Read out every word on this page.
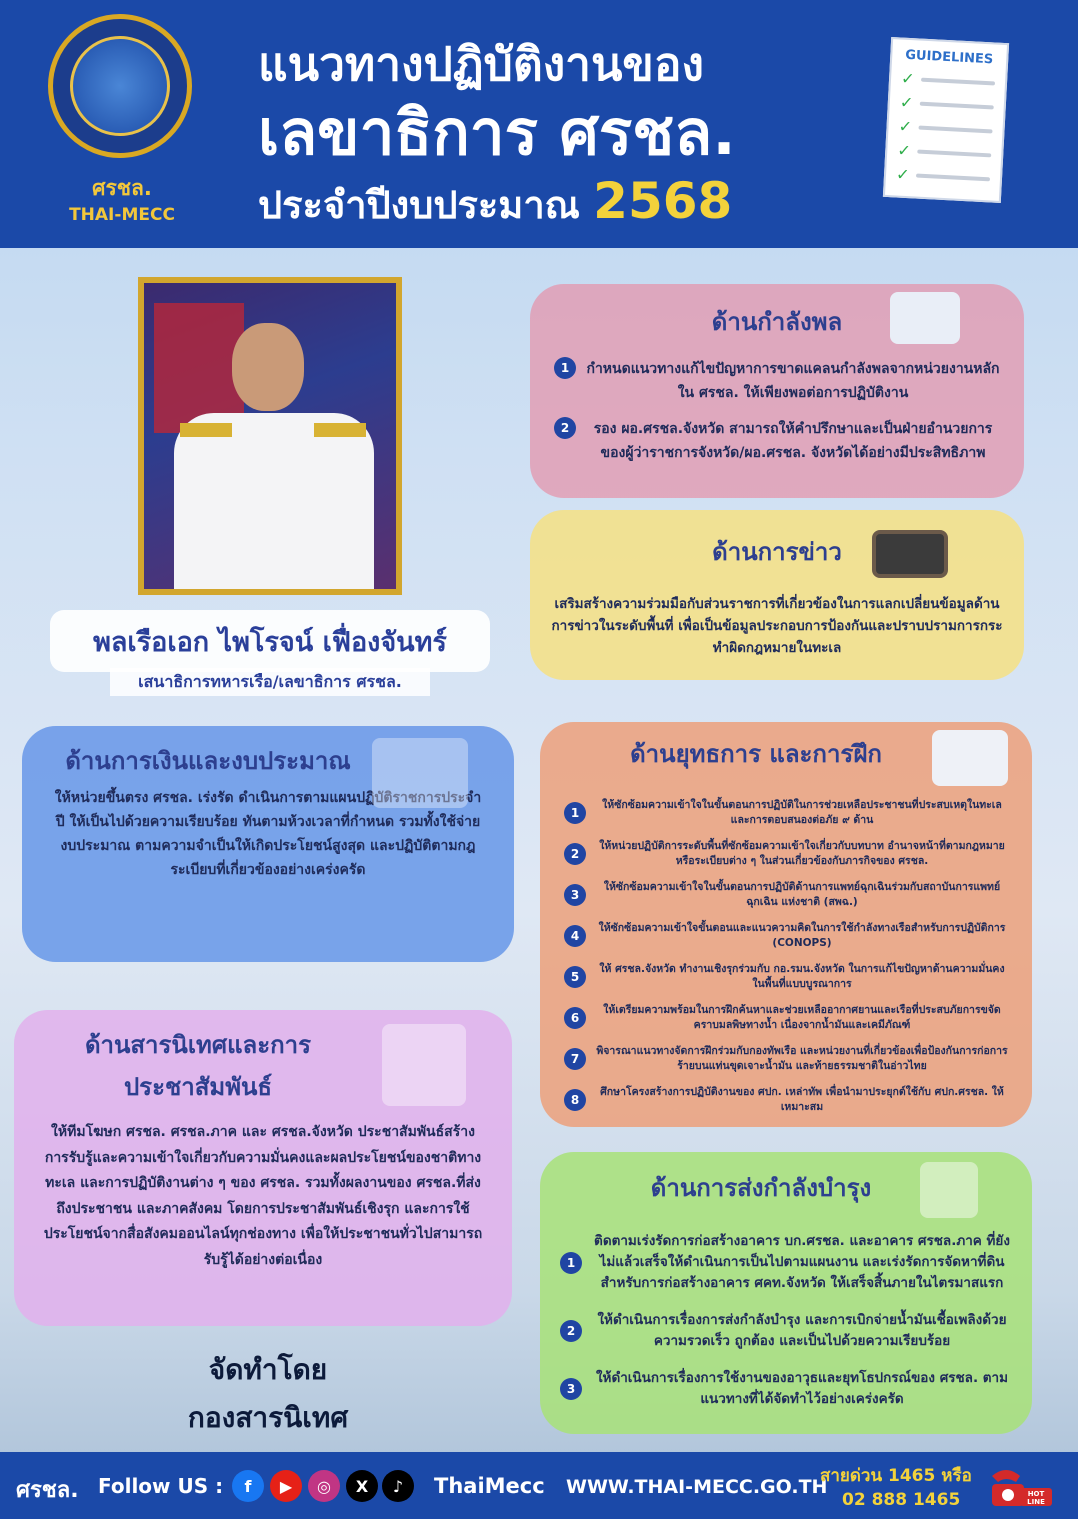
ศรชล.
THAI-MECC
แนวทางปฏิบัติงานของ
เลขาธิการ ศรชล.
ประจำปีงบประมาณ 2568
GUIDELINES
✓
✓
✓
✓
✓
พลเรือเอก ไพโรจน์ เฟื่องจันทร์
เสนาธิการทหารเรือ/เลขาธิการ ศรชล.
ด้านกำลังพล
1	กำหนดแนวทางแก้ไขปัญหาการขาดแคลนกำลังพลจากหน่วยงานหลักใน ศรชล. ให้เพียงพอต่อการปฏิบัติงาน
2	รอง ผอ.ศรชล.จังหวัด สามารถให้คำปรึกษาและเป็นฝ่ายอำนวยการของผู้ว่าราชการจังหวัด/ผอ.ศรชล. จังหวัดได้อย่างมีประสิทธิภาพ
ด้านการข่าว
เสริมสร้างความร่วมมือกับส่วนราชการที่เกี่ยวข้องในการแลกเปลี่ยนข้อมูลด้านการข่าวในระดับพื้นที่ เพื่อเป็นข้อมูลประกอบการป้องกันและปราบปรามการกระทำผิดกฎหมายในทะเล
ด้านการเงินและงบประมาณ
ให้หน่วยขึ้นตรง ศรชล. เร่งรัด ดำเนินการตามแผนปฏิบัติราชการประจำปี ให้เป็นไปด้วยความเรียบร้อย ทันตามห้วงเวลาที่กำหนด รวมทั้งใช้จ่ายงบประมาณ ตามความจำเป็นให้เกิดประโยชน์สูงสุด และปฏิบัติตามกฎระเบียบที่เกี่ยวข้องอย่างเคร่งครัด
ด้านยุทธการ และการฝึก
1
ให้ซักซ้อมความเข้าใจในขั้นตอนการปฏิบัติในการช่วยเหลือประชาชนที่ประสบเหตุในทะเล และการตอบสนองต่อภัย ๙ ด้าน
2
ให้หน่วยปฏิบัติการระดับพื้นที่ซักซ้อมความเข้าใจเกี่ยวกับบทบาท อำนาจหน้าที่ตามกฎหมาย หรือระเบียบต่าง ๆ ในส่วนเกี่ยวข้องกับภารกิจของ ศรชล.
3
ให้ซักซ้อมความเข้าใจในขั้นตอนการปฏิบัติด้านการแพทย์ฉุกเฉินร่วมกับสถาบันการแพทย์ฉุกเฉิน แห่งชาติ (สพฉ.)
4
ให้ซักซ้อมความเข้าใจขั้นตอนและแนวความคิดในการใช้กำลังทางเรือสำหรับการปฏิบัติการ (CONOPS)
5
ให้ ศรชล.จังหวัด ทำงานเชิงรุกร่วมกับ กอ.รมน.จังหวัด ในการแก้ไขปัญหาด้านความมั่นคงในพื้นที่แบบบูรณาการ
6
ให้เตรียมความพร้อมในการฝึกค้นหาและช่วยเหลืออากาศยานและเรือที่ประสบภัยการขจัดคราบมลพิษทางน้ำ เนื่องจากน้ำมันและเคมีภัณฑ์
7
พิจารณาแนวทางจัดการฝึกร่วมกับกองทัพเรือ และหน่วยงานที่เกี่ยวข้องเพื่อป้องกันการก่อการร้ายบนแท่นขุดเจาะน้ำมัน และท้ายธรรมชาติในอ่าวไทย
8
ศึกษาโครงสร้างการปฏิบัติงานของ ศปก. เหล่าทัพ เพื่อนำมาประยุกต์ใช้กับ ศปก.ศรชล. ให้เหมาะสม
ด้านสารนิเทศและการประชาสัมพันธ์
ให้ทีมโฆษก ศรชล. ศรชล.ภาค และ ศรชล.จังหวัด ประชาสัมพันธ์สร้างการรับรู้และความเข้าใจเกี่ยวกับความมั่นคงและผลประโยชน์ของชาติทางทะเล และการปฏิบัติงานต่าง ๆ ของ ศรชล. รวมทั้งผลงานของ ศรชล.ที่ส่งถึงประชาชน และภาคสังคม โดยการประชาสัมพันธ์เชิงรุก และการใช้ประโยชน์จากสื่อสังคมออนไลน์ทุกช่องทาง เพื่อให้ประชาชนทั่วไปสามารถรับรู้ได้อย่างต่อเนื่อง
ด้านการส่งกำลังบำรุง
1
ติดตามเร่งรัดการก่อสร้างอาคาร บก.ศรชล. และอาคาร ศรชล.ภาค ที่ยังไม่แล้วเสร็จให้ดำเนินการเป็นไปตามแผนงาน และเร่งรัดการจัดหาที่ดินสำหรับการก่อสร้างอาคาร ศคท.จังหวัด ให้เสร็จสิ้นภายในไตรมาสแรก
2
ให้ดำเนินการเรื่องการส่งกำลังบำรุง และการเบิกจ่ายน้ำมันเชื้อเพลิงด้วยความรวดเร็ว ถูกต้อง และเป็นไปด้วยความเรียบร้อย
3
ให้ดำเนินการเรื่องการใช้งานของอาวุธและยุทโธปกรณ์ของ ศรชล. ตามแนวทางที่ได้จัดทำไว้อย่างเคร่งครัด
จัดทำโดย
กองสารนิเทศ
ศรชล. Follow US :	f	▶	◎	X	♪	ThaiMecc WWW.THAI-MECC.GO.TH
สายด่วน 1465 หรือ
02 888 1465	HOT
LINE
